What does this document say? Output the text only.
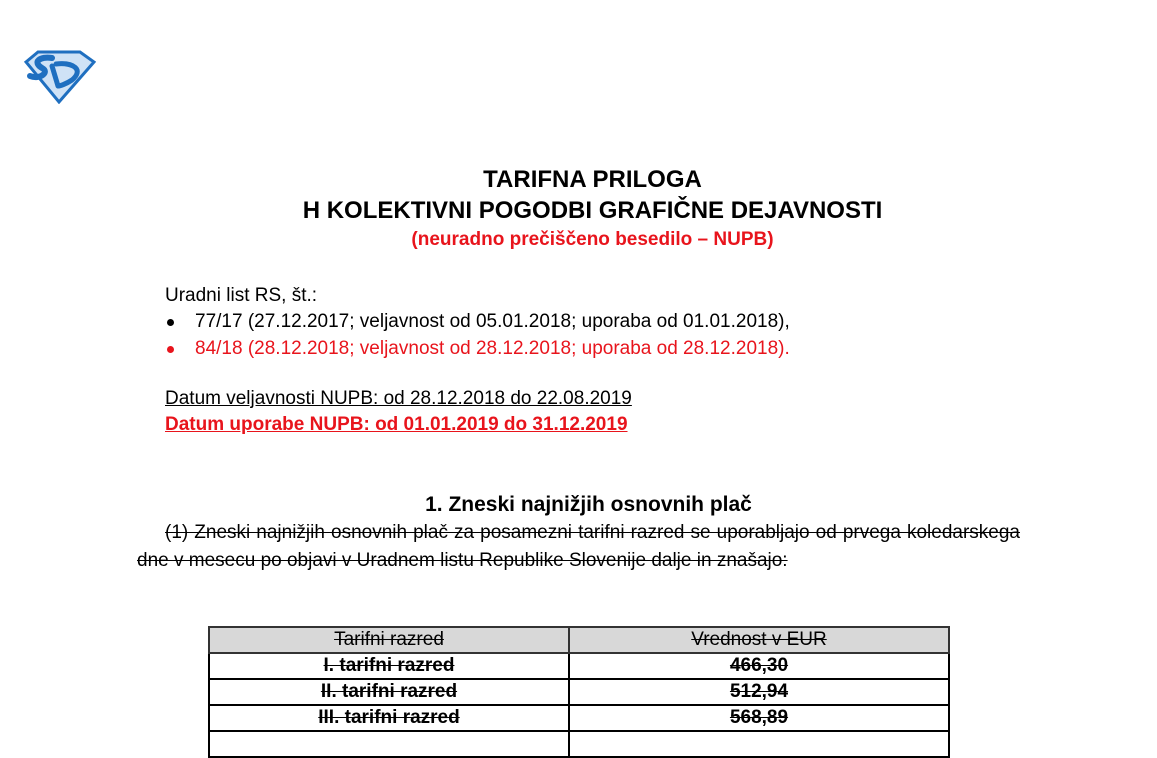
TARIFNA PRILOGA
H KOLEKTIVNI POGODBI GRAFIČNE DEJAVNOSTI
(neuradno prečiščeno besedilo – NUPB)
Uradni list RS, št.:
77/17 (27.12.2017; veljavnost od 05.01.2018; uporaba od 01.01.2018),
84/18 (28.12.2018; veljavnost od 28.12.2018; uporaba od 28.12.2018).
Datum veljavnosti NUPB: od 28.12.2018 do 22.08.2019
Datum uporabe NUPB: od 01.01.2019 do 31.12.2019
1. Zneski najnižjih osnovnih plač
(1) Zneski najnižjih osnovnih plač za posamezni tarifni razred se uporabljajo od prvega koledarskega dne v mesecu po objavi v Uradnem listu Republike Slovenije dalje in znašajo:
Tarifni razred	Vrednost v EUR
I. tarifni razred	466,30
II. tarifni razred	512,94
III. tarifni razred	568,89
